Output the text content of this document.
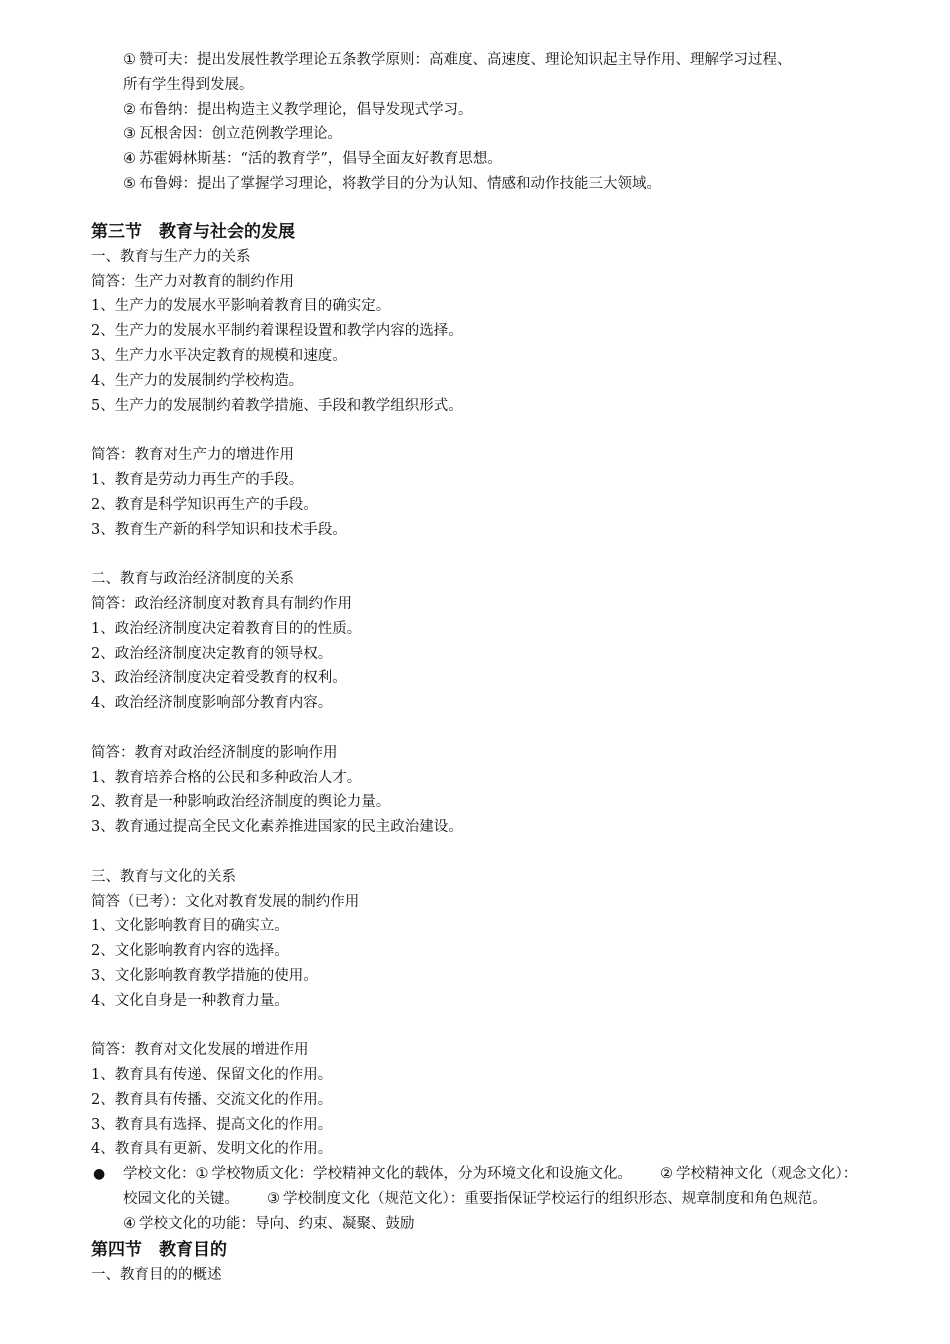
① 赞可夫：提出发展性教学理论五条教学原则：高难度、高速度、理论知识起主导作用、理解学习过程、
所有学生得到发展。
② 布鲁纳：提出构造主义教学理论，倡导发现式学习。
③ 瓦根舍因：创立范例教学理论。
④ 苏霍姆林斯基：“活的教育学”，倡导全面友好教育思想。
⑤ 布鲁姆：提出了掌握学习理论，将教学目的分为认知、情感和动作技能三大领域。
第三节　教育与社会的发展
一、教育与生产力的关系
简答：生产力对教育的制约作用
1、生产力的发展水平影响着教育目的确实定。
2、生产力的发展水平制约着课程设置和教学内容的选择。
3、生产力水平决定教育的规模和速度。
4、生产力的发展制约学校构造。
5、生产力的发展制约着教学措施、手段和教学组织形式。
简答：教育对生产力的增进作用
1、教育是劳动力再生产的手段。
2、教育是科学知识再生产的手段。
3、教育生产新的科学知识和技术手段。
二、教育与政治经济制度的关系
简答：政治经济制度对教育具有制约作用
1、政治经济制度决定着教育目的的性质。
2、政治经济制度决定教育的领导权。
3、政治经济制度决定着受教育的权利。
4、政治经济制度影响部分教育内容。
简答：教育对政治经济制度的影响作用
1、教育培养合格的公民和多种政治人才。
2、教育是一种影响政治经济制度的舆论力量。
3、教育通过提高全民文化素养推进国家的民主政治建设。
三、教育与文化的关系
简答（已考）：文化对教育发展的制约作用
1、文化影响教育目的确实立。
2、文化影响教育内容的选择。
3、文化影响教育教学措施的使用。
4、文化自身是一种教育力量。
简答：教育对文化发展的增进作用
1、教育具有传递、保留文化的作用。
2、教育具有传播、交流文化的作用。
3、教育具有选择、提高文化的作用。
4、教育具有更新、发明文化的作用。
● 学校文化：① 学校物质文化：学校精神文化的载体，分为环境文化和设施文化。 ② 学校精神文化（观念文化）：校园文化的关键。 ③ 学校制度文化（规范文化）：重要指保证学校运行的组织形态、规章制度和角色规范。④ 学校文化的功能：导向、约束、凝聚、鼓励
第四节　教育目的
一、教育目的的概述
